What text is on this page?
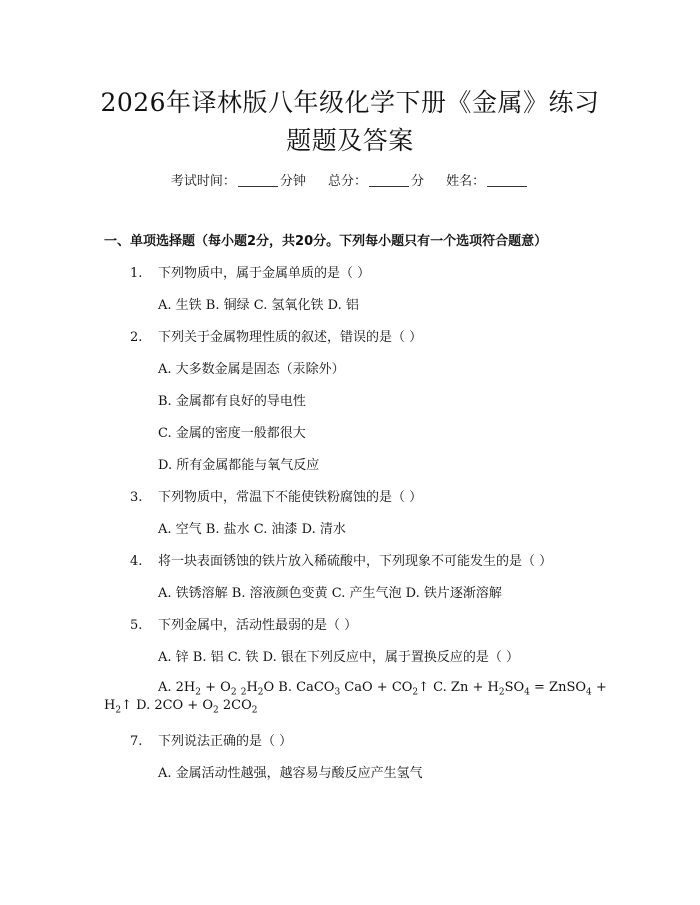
2026年译林版八年级化学下册《金属》练习
题题及答案
考试时间：	分钟 总分：	分 姓名：
一、单项选择题（每小题2分，共20分。下列每小题只有一个选项符合题意）
1. 下列物质中，属于金属单质的是（ ）
A. 生铁 B. 铜绿 C. 氢氧化铁 D. 铝
2. 下列关于金属物理性质的叙述，错误的是（ ）
A. 大多数金属是固态（汞除外）
B. 金属都有良好的导电性
C. 金属的密度一般都很大
D. 所有金属都能与氧气反应
3. 下列物质中，常温下不能使铁粉腐蚀的是（ ）
A. 空气 B. 盐水 C. 油漆 D. 清水
4. 将一块表面锈蚀的铁片放入稀硫酸中，下列现象不可能发生的是（ ）
A. 铁锈溶解 B. 溶液颜色变黄 C. 产生气泡 D. 铁片逐渐溶解
5. 下列金属中，活动性最弱的是（ ）
A. 锌 B. 铝 C. 铁 D. 银在下列反应中，属于置换反应的是（ ）
A. $2H_2 + O_2$ $_2H_2O$ B. CaCO$_3$ CaO + $CO_2↑$ C. $Zn + H_2SO_4$ = ZnSO$_4$ +
$H_2↑$ D. $2CO + O_2$ $2CO_2$
7. 下列说法正确的是（ ）
A. 金属活动性越强，越容易与酸反应产生氢气
